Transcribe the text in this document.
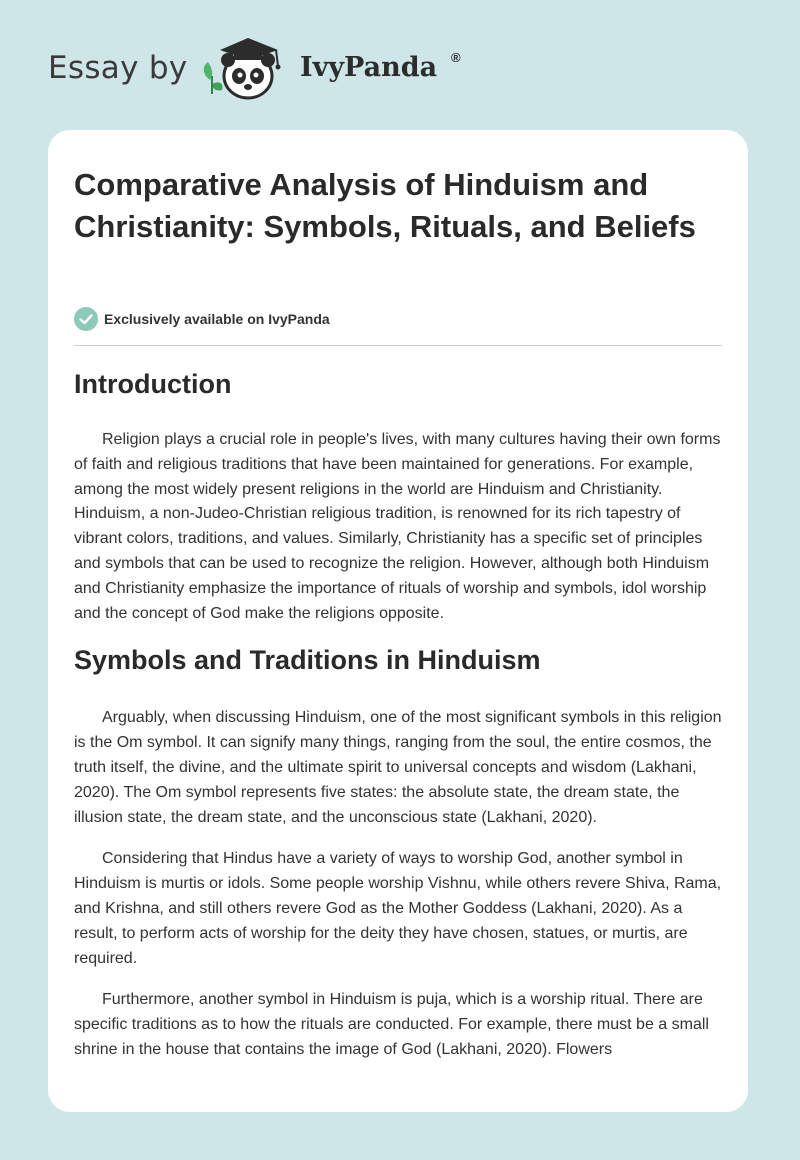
Essay by	IvyPanda ®
Comparative Analysis of Hinduism and Christianity: Symbols, Rituals, and Beliefs
Exclusively available on IvyPanda
Introduction

Religion plays a crucial role in people's lives, with many cultures having their own forms of faith and religious traditions that have been maintained for generations. For example, among the most widely present religions in the world are Hinduism and Christianity. Hinduism, a non-Judeo-Christian religious tradition, is renowned for its rich tapestry of vibrant colors, traditions, and values. Similarly, Christianity has a specific set of principles and symbols that can be used to recognize the religion. However, although both Hinduism and Christianity emphasize the importance of rituals of worship and symbols, idol worship and the concept of God make the religions opposite.

Symbols and Traditions in Hinduism

Arguably, when discussing Hinduism, one of the most significant symbols in this religion is the Om symbol. It can signify many things, ranging from the soul, the entire cosmos, the truth itself, the divine, and the ultimate spirit to universal concepts and wisdom (Lakhani, 2020). The Om symbol represents five states: the absolute state, the dream state, the illusion state, the dream state, and the unconscious state (Lakhani, 2020).

Considering that Hindus have a variety of ways to worship God, another symbol in Hinduism is murtis or idols. Some people worship Vishnu, while others revere Shiva, Rama, and Krishna, and still others revere God as the Mother Goddess (Lakhani, 2020). As a result, to perform acts of worship for the deity they have chosen, statues, or murtis, are required.

Furthermore, another symbol in Hinduism is puja, which is a worship ritual. There are specific traditions as to how the rituals are conducted. For example, there must be a small shrine in the house that contains the image of God (Lakhani, 2020). Flowers
